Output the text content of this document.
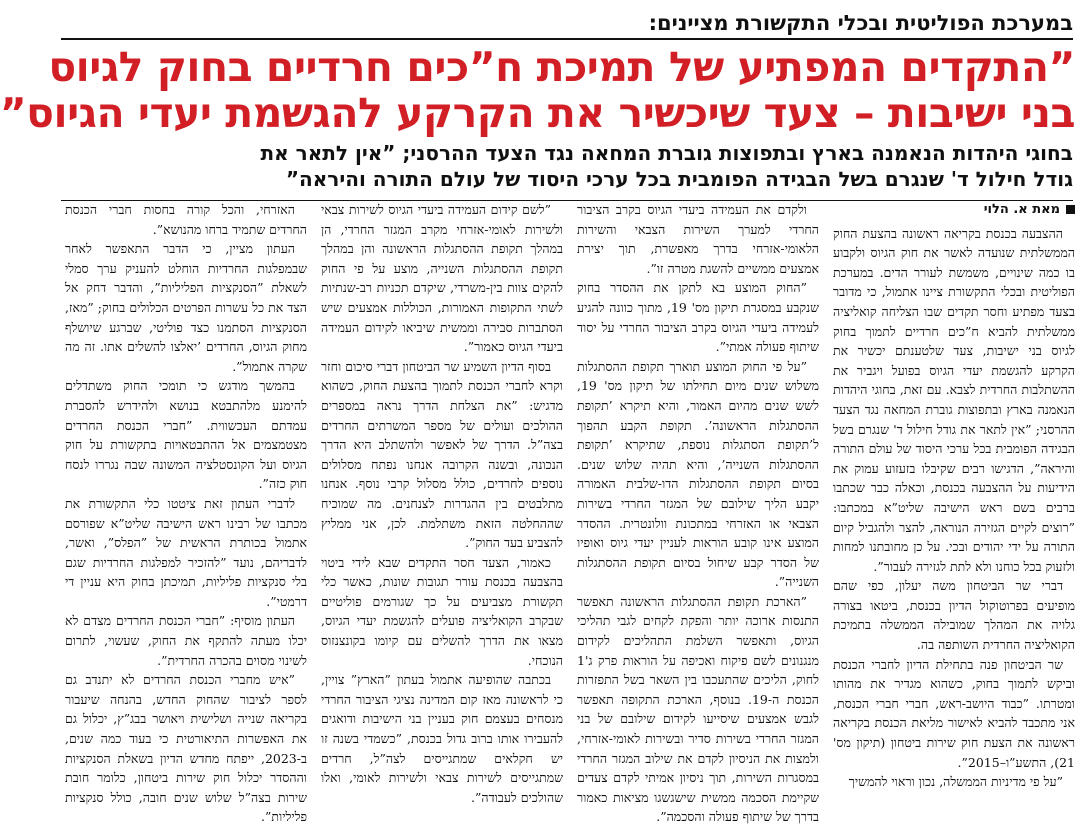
במערכת הפוליטית ובכלי התקשורת מציינים:
”התקדים המפתיע של תמיכת ח”כים חרדיים בחוק לגיוס
בני ישיבות – צעד שיכשיר את הקרקע להגשמת יעדי הגיוס”
בחוגי היהדות הנאמנה בארץ ובתפוצות גוברת המחאה נגד הצעד ההרסני; ”אין לתאר את
גודל חילול ד' שנגרם בשל הבגידה הפומבית בכל ערכי היסוד של עולם התורה והיראה”
מאת א. הלוי

ההצבעה בכנסת בקריאה ראשונה בהצעת החוק הממשלתית שנועדה לאשר את חוק הגיוס ולקבוע בו כמה שינויים, משמשת לעורר הדים. במערכת הפוליטית ובכלי התקשורת ציינו אתמול, כי מדובר בצעד מפתיע וחסר תקדים שבו הצליחה קואליציה ממשלתית להביא ח”כים חרדיים לתמוך בחוק לגיוס בני ישיבות, צעד שלטענתם יכשיר את הקרקע להגשמת יעדי הגיוס בפועל ויגביר את ההשתלבות החרדית לצבא. עם זאת, בחוגי היהדות הנאמנה בארץ ובתפוצות גוברת המחאה נגד הצעד ההרסני; ”אין לתאר את גודל חילול ד' שנגרם בשל הבגידה הפומבית בכל ערכי היסוד של עולם התורה והיראה”, הדגישו רבים שקיבלו בזעזוע עמוק את הידיעות על ההצבעה בכנסת, וכאלה כבר שכתבו ברבים בשם ראש הישיבה שליט”א במכתבו: ”רוצים לקיים הגזירה הנוראה, להצר ולהגביל קיום התורה על ידי יהודים ובכי. על כן מחובתנו למחות ולזעוק בכל כוחנו ולא לתת לגזירה לעבור”.

דברי שר הביטחון משה יעלון, כפי שהם מופיעים בפרוטוקול הדיון בכנסת, ביטאו בצורה גלויה את המהלך שמובילה הממשלה בתמיכת הקואליציה החרדית השותפה בה.

שר הביטחון פנה בתחילת הדיון לחברי הכנסת וביקש לתמוך בחוק, כשהוא מגדיר את מהותו ומטרתו. ”כבוד היושב-ראש, חברי חברי הכנסת, אני מתכבד להביא לאישור מליאת הכנסת בקריאה ראשונה את הצעת חוק שירות ביטחון (תיקון מס' 21), התשע”ו–2015”.

”על פי מדיניות הממשלה, נכון וראוי להמשיך

ולקדם את העמידה ביעדי הגיוס בקרב הציבור החרדי למערך השירות הצבאי והשירות הלאומי-אזרחי בדרך מאפשרת, תוך יצירת אמצעים ממשיים להשגת מטרה זו”.

”החוק המוצע בא לתקן את ההסדר בחוק שנקבע במסגרת תיקון מס' 19, מתוך כוונה להגיע לעמידה ביעדי הגיוס בקרב הציבור החרדי על יסוד שיתוף פעולה אמתי”.

”על פי החוק המוצע תוארך תקופת ההסתגלות משלוש שנים מיום תחילתו של תיקון מס' 19, לשש שנים מהיום האמור, והיא תיקרא ’תקופת ההסתגלות הראשונה’. תקופת הקבע תהפוך ל’תקופת הסתגלות נוספת, שתיקרא ’תקופת ההסתגלות השנייה’, והיא תהיה שלוש שנים. בסיום תקופת ההסתגלות הדו-שלבית האמורה יקבע הליך שילובם של המגזר החרדי בשירות הצבאי או האזרחי במתכונת וולונטרית. ההסדר המוצע אינו קובע הוראות לעניין יעדי גיוס ואופיו של הסדר קבע שיחול בסיום תקופת ההסתגלות השנייה”.

”הארכת תקופת ההסתגלות הראשונה תאפשר התנסות ארוכה יותר והפקת לקחים לגבי תהליכי הגיוס, ותאפשר השלמת התהליכים לקידום מנגנונים לשם פיקוח ואכיפה על הוראות פרק ג'1 לחוק, הליכים שהתעכבו בין השאר בשל התפזרות הכנסת ה-19. בנוסף, הארכת התקופה תאפשר לגבש אמצעים שיסייעו לקידום שילובם של בני המגזר החרדי בשירות סדיר ובשירות לאומי-אזרחי, ולמצות את הניסיון לקדם את שילוב המגזר החרדי במסגרות השירות, תוך ניסיון אמיתי לקדם צעדים שקיימת הסכמה ממשית שישגשגו מציאות כאמור בדרך של שיתוף פעולה והסכמה”.

”לשם קידום העמידה ביעדי הגיוס לשירות צבאי ולשירות לאומי-אזרחי מקרב המגזר החרדי, הן במהלך תקופת ההסתגלות הראשונה והן במהלך תקופת ההסתגלות השנייה, מוצע על פי החוק להקים צוות בין-משרדי, שיקדם תכניות רב-שנתיות לשתי התקופות האמורות, הכוללות אמצעים שיש הסתברות סבירה וממשית שיביאו לקידום העמידה ביעדי הגיוס כאמור”.

בסוף הדיון השמיע שר הביטחון דברי סיכום וחזר וקרא לחברי הכנסת לתמוך בהצעת החוק, כשהוא מדגיש: ”את הצלחת הדרך נראה במספרים ההולכים ועולים של מספר המשרתים החרדים בצה”ל. הדרך של לאפשר ולהשתלב היא הדרך הנכונה, ובשנה הקרובה אנחנו נפתח מסלולים נוספים לחרדים, כולל מסלול קרבי נוסף. אנחנו מתלבטים בין ההגדרות לצנחנים. מה שמוכיח שההחלטה הזאת משתלמת. לכן, אני ממליץ להצביע בעד החוק”.

כאמור, הצעד חסר התקדים שבא לידי ביטוי בהצבעה בכנסת עורר תגובות שונות, כאשר כלי תקשורת מצביעים על כך שגורמים פוליטיים שבקרב הקואליציה פועלים להגשמת יעדי הגיוס, מצאו את הדרך להשלים עם קיומו בקונצנזוס הנוכחי.

בכתבה שהופיעה אתמול בעתון ”הארץ” צויין, כי לראשונה מאז קום המדינה נציגי הציבור החרדי מנסחים בעצמם חוק בעניין בני הישיבות ודואגים להעבירו אותו ברוב גדול בכנסת, ”כשמדי בשנה זו יש חקלאים שמתגייסים לצה”ל, חרדים שמתגייסים לשירות צבאי ולשירות לאומי, ואלו שהולכים לעבודה”.

האזרחי, והכל קורה בחסות חברי הכנסת החרדים שתמיד ברחו מהנושא”.

העתון מציין, כי הדבר התאפשר לאחר שבמפלגות החרדיות הוחלט להעניק ערך סמלי לשאלת ”הסנקציות הפליליות”, והדבר דחק אל הצד את כל עשרות הפרטים הכלולים בחוק; ”מאז, הסנקציות הסתמנו כצד פוליטי, שברגע שיושלף מחוק הגיוס, החרדים ’יאלצו להשלים אתו. זה מה שקרה אתמול”.

בהמשך מודגש כי תומכי החוק משתדלים להימנע מלהתבטא בנושא ולהידרש להסברת עמדתם העכשווית. ”חברי הכנסת החרדים מצטמצמים אל ההתבטאויות בתקשורת על חוק הגיוס ועל הקונסטלציה המשונה שבה נגררו לנסח חוק כזה”.

לדברי העתון זאת ציטטו כלי התקשורת את מכתבו של רבינו ראש הישיבה שליט”א שפורסם אתמול בכותרת הראשית של ”הפלס”, ואשר, לדבריהם, נועד ”להזכיר למפלגות החרדיות שגם בלי סנקציות פליליות, תמיכתן בחוק היא עניין די דרמטי”.

העתון מוסיף: ”חברי הכנסת החרדים מצדם לא יכלו מעתה להתקף את החוק, שעשוי, לתרום לשינוי מסוים בהכרה החרדית”.

”איש מחברי הכנסת החרדים לא יתנדב גם לספר לציבור שהחוק החדש, בהנחה שיעבור בקריאה שנייה ושלישית ויאושר בבג”ץ, יכלול גם את האפשרות התיאורטית כי בעוד כמה שנים, ב-2023, ייפתח מחדש הדיון בשאלת הסנקציות וההסדר יכלול חוק שירות ביטחון, כלומר חובת שירות בצה”ל שלוש שנים חובה, כולל סנקציות פליליות”.
